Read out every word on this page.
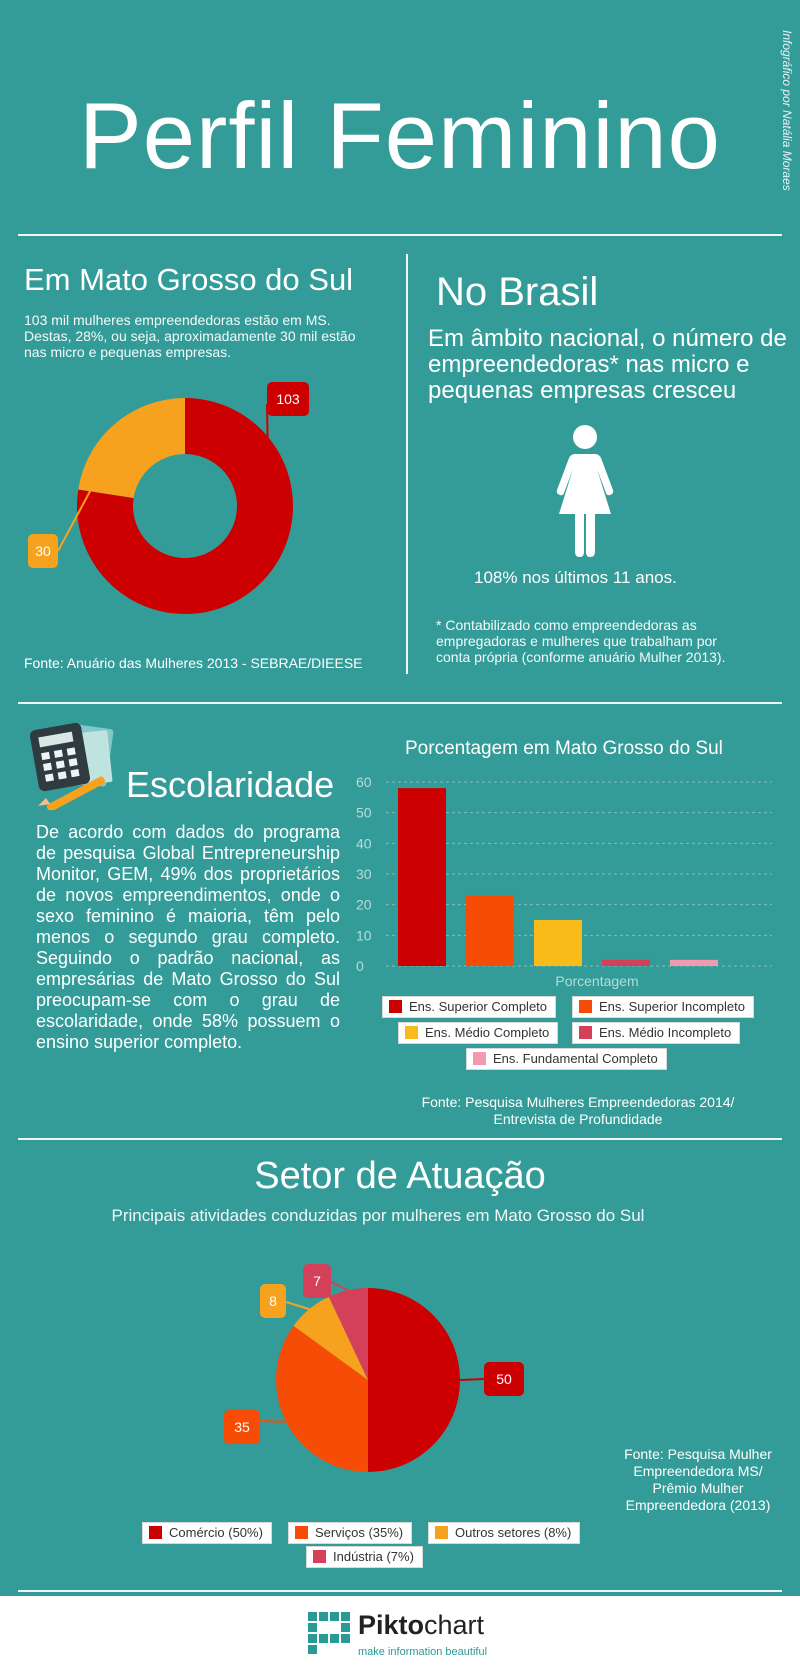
Perfil Feminino	Infográfico por Natália Moraes
Em Mato Grosso do Sul
103 mil mulheres empreendedoras estão em MS. Destas, 28%, ou seja, aproximadamente 30 mil estão nas micro e pequenas empresas.
103
30
Fonte: Anuário das Mulheres 2013 - SEBRAE/DIEESE
No Brasil
Em âmbito nacional, o número de empreendedoras* nas micro e pequenas empresas cresceu
108% nos últimos 11 anos.
* Contabilizado como empreendedoras as empregadoras e mulheres que trabalham por conta própria (conforme anuário Mulher 2013).
Escolaridade
De acordo com dados do programa de pesquisa Global Entrepreneurship Monitor, GEM, 49% dos proprietários de novos empreendimentos, onde o sexo feminino é maioria, têm pelo menos o segundo grau completo. Seguindo o padrão nacional, as empresárias de Mato Grosso do Sul preocupam-se com o grau de escolaridade, onde 58% possuem o ensino superior completo.
Porcentagem em Mato Grosso do Sul
0
10
20
30
40
50
60
Porcentagem
Ens. Superior Completo	Ens. Superior Incompleto
Ens. Médio Completo	Ens. Médio Incompleto
Ens. Fundamental Completo
Fonte: Pesquisa Mulheres Empreendedoras 2014/
Entrevista de Profundidade
Setor de Atuação
Principais atividades conduzidas por mulheres em Mato Grosso do Sul
50
35
8
7
Fonte: Pesquisa Mulher Empreendedora MS/ Prêmio Mulher Empreendedora (2013)
Comércio (50%)	Serviços (35%)	Outros setores (8%)
Indústria (7%)
Piktochart
make information beautiful
